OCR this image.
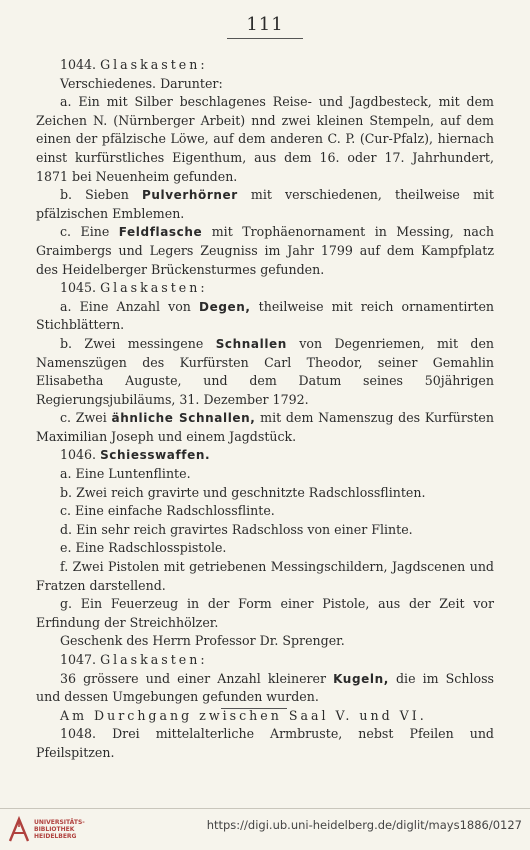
111

1044. Glaskasten:

Verschiedenes. Darunter:

a. Ein mit Silber beschlagenes Reise- und Jagdbesteck, mit dem Zeichen N. (Nürnberger Arbeit) nnd zwei kleinen Stempeln, auf dem einen der pfälzische Löwe, auf dem anderen C. P. (Cur-Pfalz), hiernach einst kurfürstliches Eigenthum, aus dem 16. oder 17. Jahrhundert, 1871 bei Neuenheim gefunden.

b. Sieben Pulverhörner mit verschiedenen, theilweise mit pfälzischen Emblemen.

c. Eine Feldflasche mit Trophäenornament in Messing, nach Graimbergs und Legers Zeugniss im Jahr 1799 auf dem Kampfplatz des Heidelberger Brückensturmes gefunden.

1045. Glaskasten:

a. Eine Anzahl von Degen, theilweise mit reich ornamentirten Stichblättern.

b. Zwei messingene Schnallen von Degenriemen, mit den Namenszügen des Kurfürsten Carl Theodor, seiner Gemahlin Elisabetha Auguste, und dem Datum seines 50jährigen Regierungsjubiläums, 31. Dezember 1792.

c. Zwei ähnliche Schnallen, mit dem Namenszug des Kurfürsten Maximilian Joseph und einem Jagdstück.

1046. Schiesswaffen.

a. Eine Luntenflinte.

b. Zwei reich gravirte und geschnitzte Radschlossflinten.

c. Eine einfache Radschlossflinte.

d. Ein sehr reich gravirtes Radschloss von einer Flinte.

e. Eine Radschlosspistole.

f. Zwei Pistolen mit getriebenen Messingschildern, Jagdscenen und Fratzen darstellend.

g. Ein Feuerzeug in der Form einer Pistole, aus der Zeit vor Erfindung der Streichhölzer.

Geschenk des Herrn Professor Dr. Sprenger.

1047. Glaskasten:

36 grössere und einer Anzahl kleinerer Kugeln, die im Schloss und dessen Umgebungen gefunden wurden.

Am Durchgang zwischen Saal V. und VI.

1048. Drei mittelalterliche Armbruste, nebst Pfeilen und Pfeilspitzen.

UNIVERSITÄTS-
BIBLIOTHEK
HEIDELBERG
https://digi.ub.uni-heidelberg.de/diglit/mays1886/0127
